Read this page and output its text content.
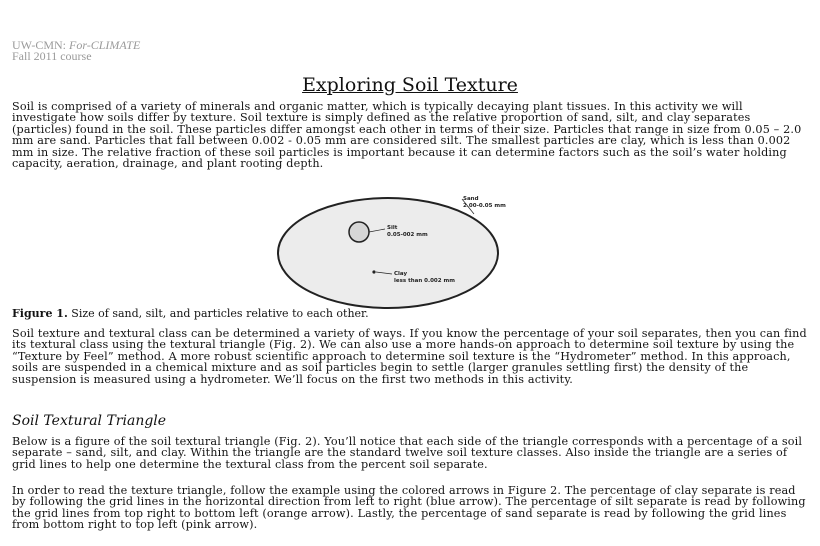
UW-CMN: For-CLIMATE
Fall 2011 course
Exploring Soil Texture

Soil is comprised of a variety of minerals and organic matter, which is typically decaying plant tissues. In this activity we will investigate how soils differ by texture. Soil texture is simply defined as the relative proportion of sand, silt, and clay separates (particles) found in the soil. These particles differ amongst each other in terms of their size. Particles that range in size from 0.05 – 2.0 mm are sand. Particles that fall between 0.002 - 0.05 mm are considered silt. The smallest particles are clay, which is less than 0.002 mm in size. The relative fraction of these soil particles is important because it can determine factors such as the soil’s water holding capacity, aeration, drainage, and plant rooting depth.

Sand
2.00-0.05 mm
Silt
0.05-002 mm
Clay
less than 0.002 mm
Figure 1. Size of sand, silt, and particles relative to each other.

Soil texture and textural class can be determined a variety of ways. If you know the percentage of your soil separates, then you can find its textural class using the textural triangle (Fig. 2). We can also use a more hands-on approach to determine soil texture by using the “Texture by Feel” method. A more robust scientific approach to determine soil texture is the “Hydrometer” method. In this approach, soils are suspended in a chemical mixture and as soil particles begin to settle (larger granules settling first) the density of the suspension is measured using a hydrometer. We’ll focus on the first two methods in this activity.

Soil Textural Triangle

Below is a figure of the soil textural triangle (Fig. 2). You’ll notice that each side of the triangle corresponds with a percentage of a soil separate – sand, silt, and clay. Within the triangle are the standard twelve soil texture classes. Also inside the triangle are a series of grid lines to help one determine the textural class from the percent soil separate.

In order to read the texture triangle, follow the example using the colored arrows in Figure 2. The percentage of clay separate is read by following the grid lines in the horizontal direction from left to right (blue arrow). The percentage of silt separate is read by following the grid lines from top right to bottom left (orange arrow). Lastly, the percentage of sand separate is read by following the grid lines from bottom right to top left (pink arrow).
